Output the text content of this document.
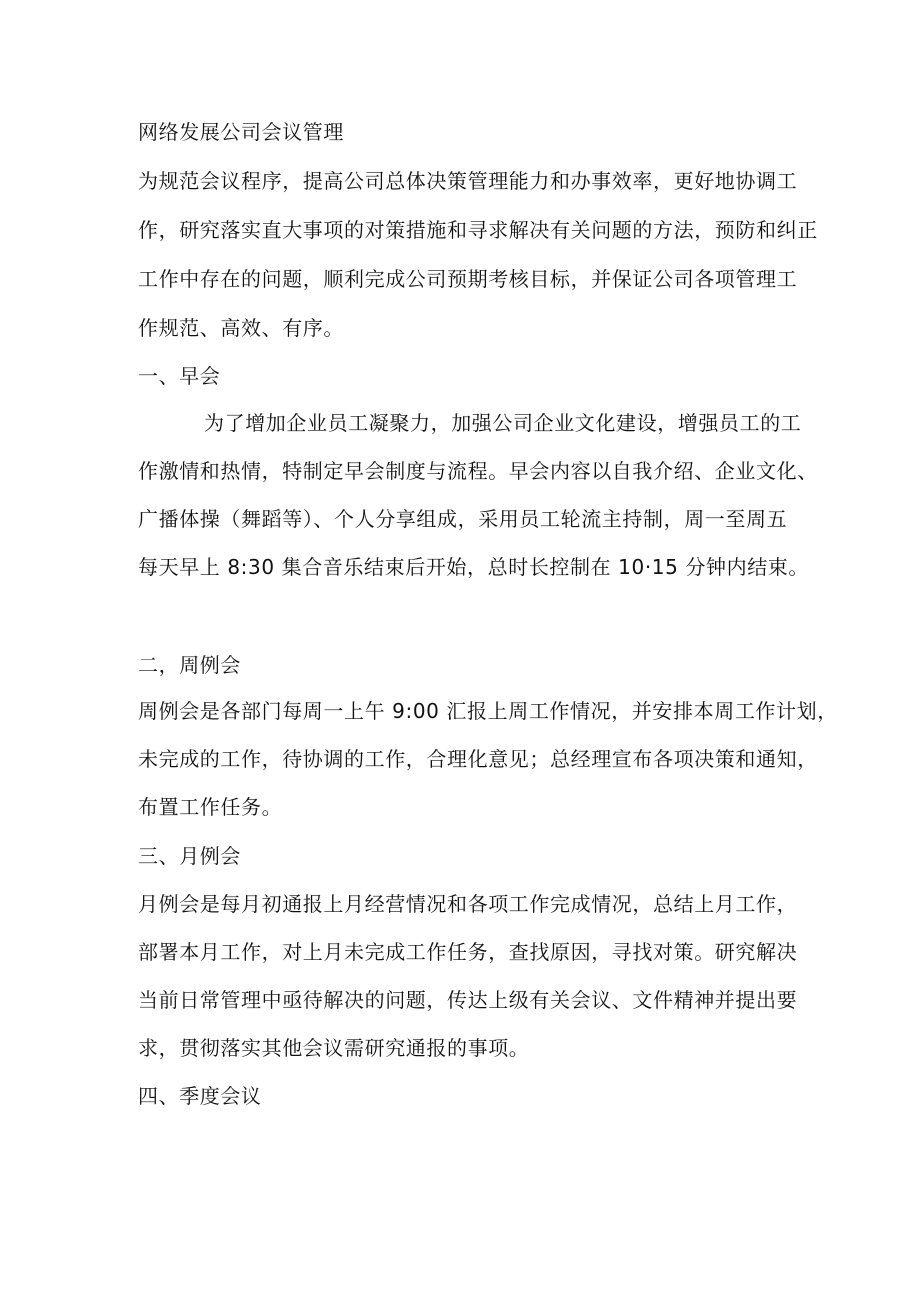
网络发展公司会议管理
为规范会议程序，提高公司总体决策管理能力和办事效率，更好地协调工
作，研究落实直大事项的对策措施和寻求解决有关问题的方法，预防和纠正
工作中存在的问题，顺利完成公司预期考核目标，并保证公司各项管理工
作规范、高效、有序。
一、早会
为了增加企业员工凝聚力，加强公司企业文化建设，增强员工的工
作激情和热情，特制定早会制度与流程。早会内容以自我介绍、企业文化、
广播体操（舞蹈等）、个人分享组成，采用员工轮流主持制，周一至周五
每天早上 8:30 集合音乐结束后开始，总时长控制在 10·15 分钟内结束。
二，周例会
周例会是各部门每周一上午 9:00 汇报上周工作情况，并安排本周工作计划，
未完成的工作，待协调的工作，合理化意见；总经理宣布各项决策和通知，
布置工作任务。
三、月例会
月例会是每月初通报上月经营情况和各项工作完成情况，总结上月工作，
部署本月工作，对上月未完成工作任务，查找原因，寻找对策。研究解决
当前日常管理中亟待解决的问题，传达上级有关会议、文件精神并提出要
求，贯彻落实其他会议需研究通报的事项。
四、季度会议
